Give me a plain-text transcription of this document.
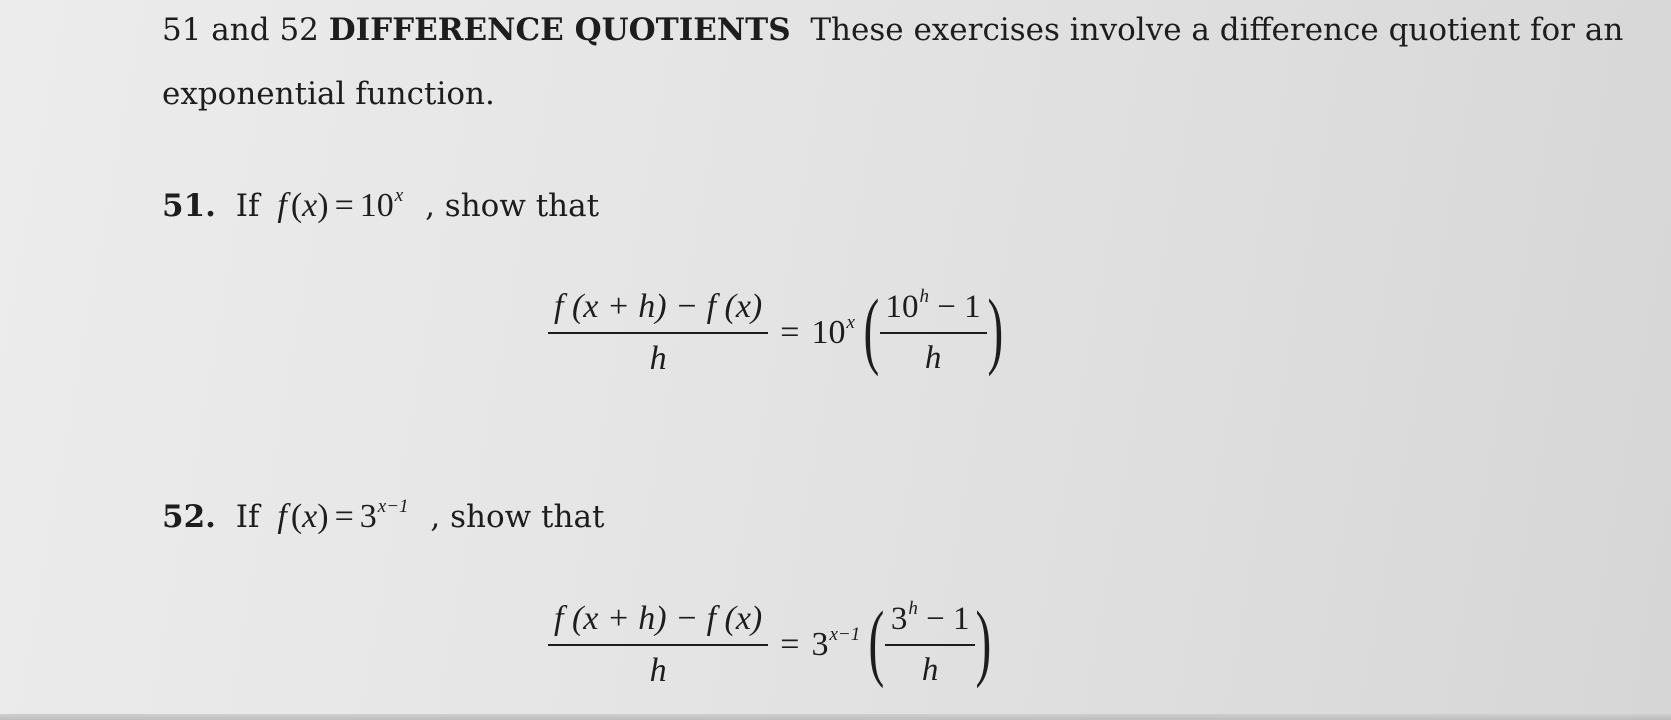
51 and 52 DIFFERENCE QUOTIENTS These exercises involve a difference quotient for an
exponential function.
51. If f $(x) = 10^x$ , show that
$\frac{f (x + h) - f (x)}{h} = 10^x$ ( $\frac{10^h - 1}{h}$ )
52. If f $(x) = 3^{x-1}$ , show that
$\frac{f (x + h) - f (x)}{h} = 3^{x-1}$ ( $\frac{3^h - 1}{h}$ )
